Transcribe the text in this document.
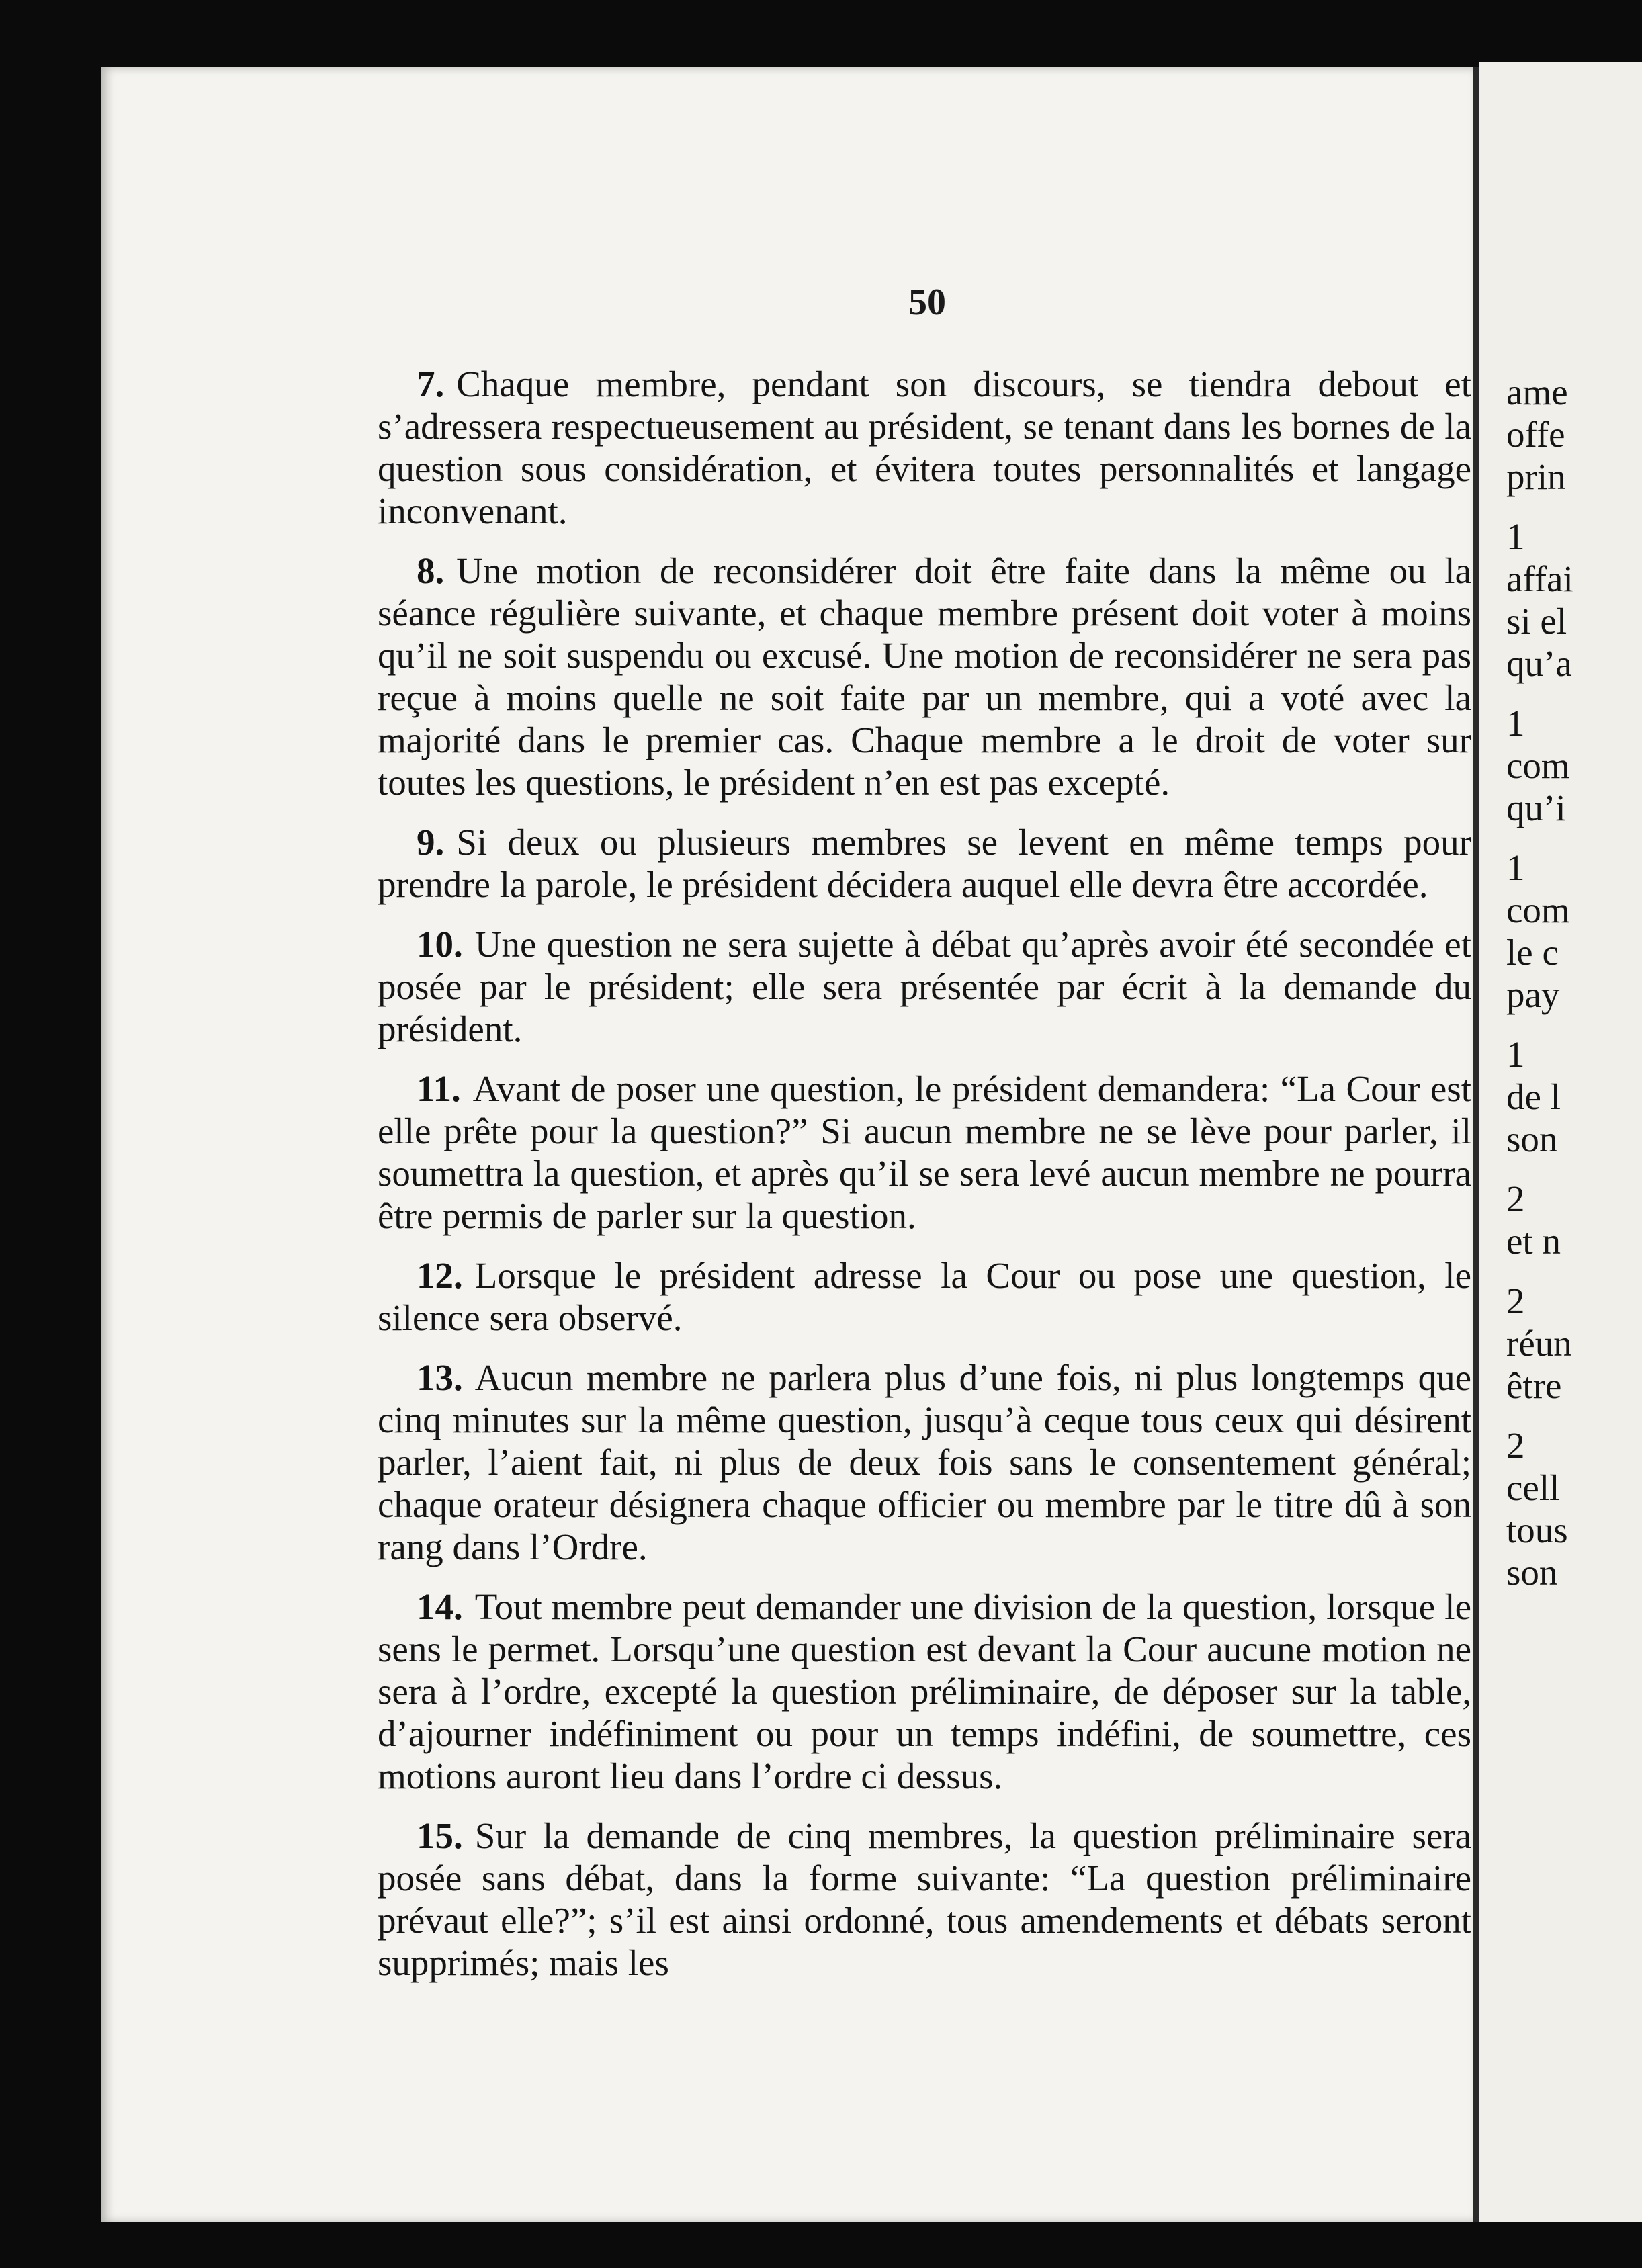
50

7. Chaque membre, pendant son discours, se tiendra debout et s’adressera respectueusement au président, se tenant dans les bornes de la question sous considération, et évitera toutes personnalités et langage inconvenant.

8. Une motion de reconsidérer doit être faite dans la même ou la séance régulière suivante, et chaque membre présent doit voter à moins qu’il ne soit suspendu ou excusé. Une motion de reconsidérer ne sera pas reçue à moins quelle ne soit faite par un membre, qui a voté avec la majorité dans le premier cas. Chaque membre a le droit de voter sur toutes les questions, le président n’en est pas excepté.

9. Si deux ou plusieurs membres se levent en même temps pour prendre la parole, le président décidera auquel elle devra être accordée.

10. Une question ne sera sujette à débat qu’après avoir été secondée et posée par le président; elle sera présentée par écrit à la demande du président.

11. Avant de poser une question, le président demandera: “La Cour est elle prête pour la question?” Si aucun membre ne se lève pour parler, il soumettra la question, et après qu’il se sera levé aucun membre ne pourra être permis de parler sur la question.

12. Lorsque le président adresse la Cour ou pose une question, le silence sera observé.

13. Aucun membre ne parlera plus d’une fois, ni plus longtemps que cinq minutes sur la même question, jusqu’à ceque tous ceux qui désirent parler, l’aient fait, ni plus de deux fois sans le consentement général; chaque orateur désignera chaque officier ou membre par le titre dû à son rang dans l’Ordre.

14. Tout membre peut demander une division de la question, lorsque le sens le permet. Lorsqu’une question est devant la Cour aucune motion ne sera à l’ordre, excepté la question préliminaire, de déposer sur la table, d’ajourner indéfiniment ou pour un temps indéfini, de soumettre, ces motions auront lieu dans l’ordre ci dessus.

15. Sur la demande de cinq membres, la question préliminaire sera posée sans débat, dans la forme suivante: “La question préliminaire prévaut elle?”; s’il est ainsi ordonné, tous amendements et débats seront supprimés; mais les

ame
offe
prin
1
affai
si el
qu’a
1
com
qu’i
1
com
le c
pay
1
de l
son
2
et n
2
réun
être
2
cell
tous
son
